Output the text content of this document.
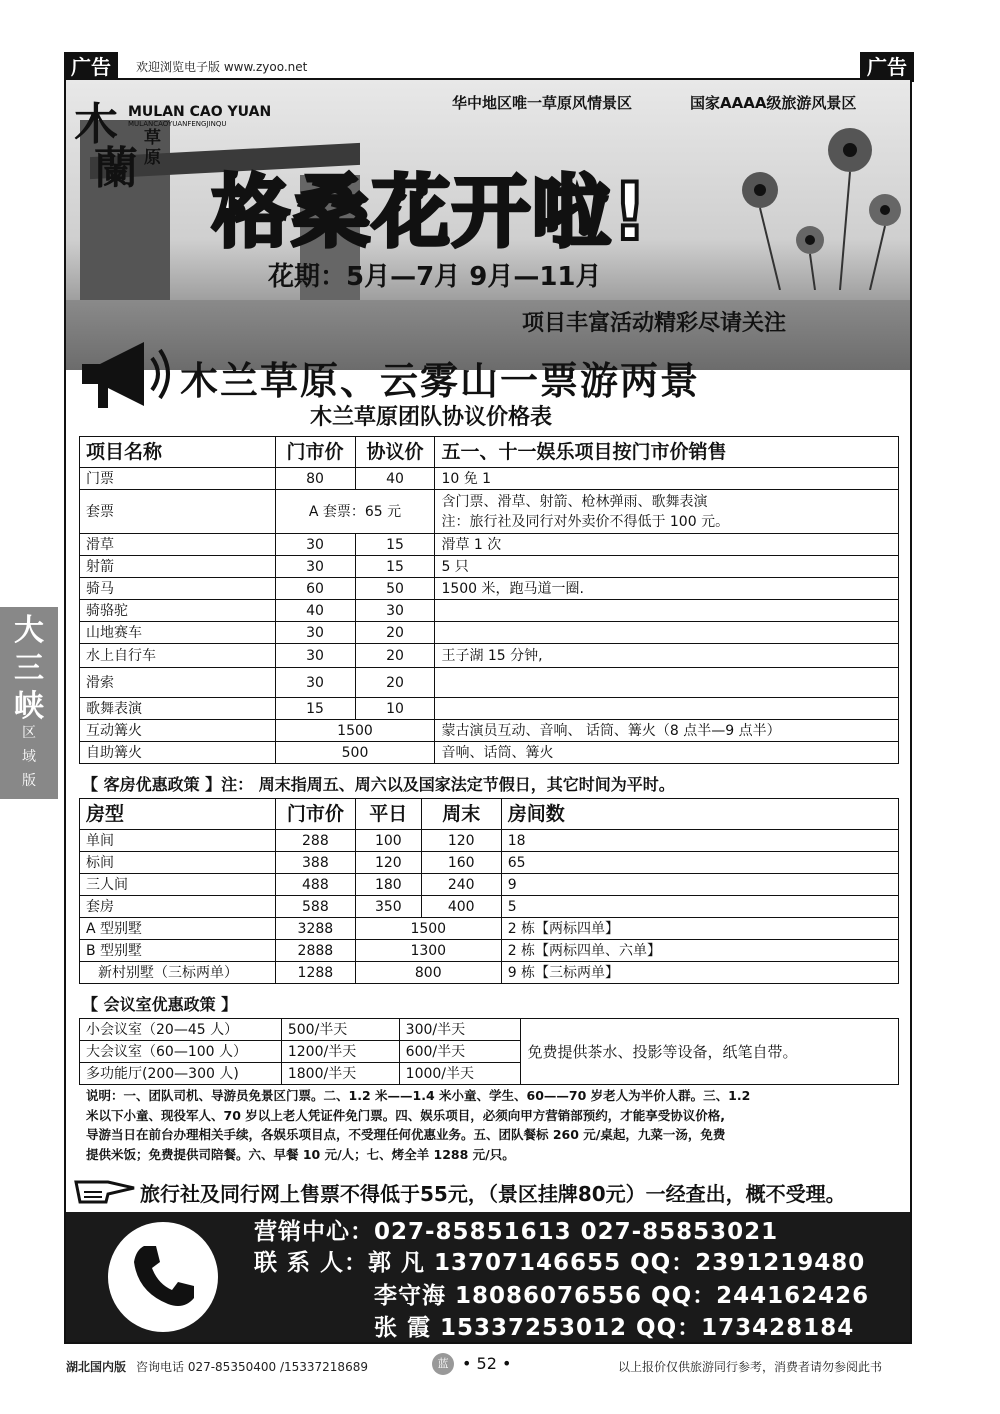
广告	欢迎浏览电子版 www.zyoo.net	广告
木
蘭
草原
MULAN CAO YUAN
MULANCAOYUANFENGJINQU
华中地区唯一草原风情景区	国家AAAA级旅游风景区
格桑花开啦!
花期：5月—7月 9月—11月
项目丰富活动精彩尽请关注
木兰草原、云雾山一票游两景
木兰草原团队协议价格表
项目名称	门市价	协议价	五一、十一娱乐项目按门市价销售
门票	80	40	10 免 1
套票	A 套票：65 元		含门票、滑草、射箭、枪林弹雨、歌舞表演
注：旅行社及同行对外卖价不得低于 100 元。

滑草	30	15	滑草 1 次
射箭	30	15	5 只
骑马	60	50	1500 米，跑马道一圈.
骑骆驼	40	30	
山地赛车	30	20	
水上自行车	30	20	王子湖 15 分钟,
滑索	30	20	
歌舞表演	15	10	
互动篝火	1500		蒙古演员互动、音响、 话筒、篝火（8 点半—9 点半）
自助篝火	500		音响、话筒、篝火
【 客房优惠政策 】注： 周末指周五、周六以及国家法定节假日，其它时间为平时。
房型	门市价	平日	周末	房间数
单间	288	100	120	18
标间	388	120	160	65
三人间	488	180	240	9
套房	588	350	400	5
A 型别墅	3288	1500		2 栋【两标四单】
B 型别墅	2888	1300		2 栋【两标四单、六单】
新村别墅（三标两单）	1288	800		9 栋【三标两单】
【 会议室优惠政策 】
小会议室（20—45 人）	500/半天	300/半天	免费提供茶水、投影等设备，纸笔自带。
大会议室（60—100 人）	1200/半天	600/半天	
多功能厅(200—300 人)	1800/半天	1000/半天	
说明：一、团队司机、导游员免景区门票。二、1.2 米——1.4 米小童、学生、60——70 岁老人为半价人群。三、1.2
米以下小童、现役军人、70 岁以上老人凭证件免门票。四、娱乐项目，必须向甲方营销部预约，才能享受协议价格,
导游当日在前台办理相关手续，各娱乐项目点，不受理任何优惠业务。五、团队餐标 260 元/桌起，九菜一汤，免费
提供米饭；免费提供司陪餐。六、早餐 10 元/人；七、烤全羊 1288 元/只。
旅行社及同行网上售票不得低于55元，（景区挂牌80元）一经查出，概不受理。
营销中心：027-85851613 027-85853021
联 系 人：郭 凡 13707146655 QQ：2391219480
李守海 18086076556 QQ：244162426
张 霞 15337253012 QQ：173428184
大三峡
区
域
版
湖北国内版 咨询电话 027-85350400 /15337218689	蓝 • 52 •	以上报价仅供旅游同行参考，消费者请勿参阅此书
